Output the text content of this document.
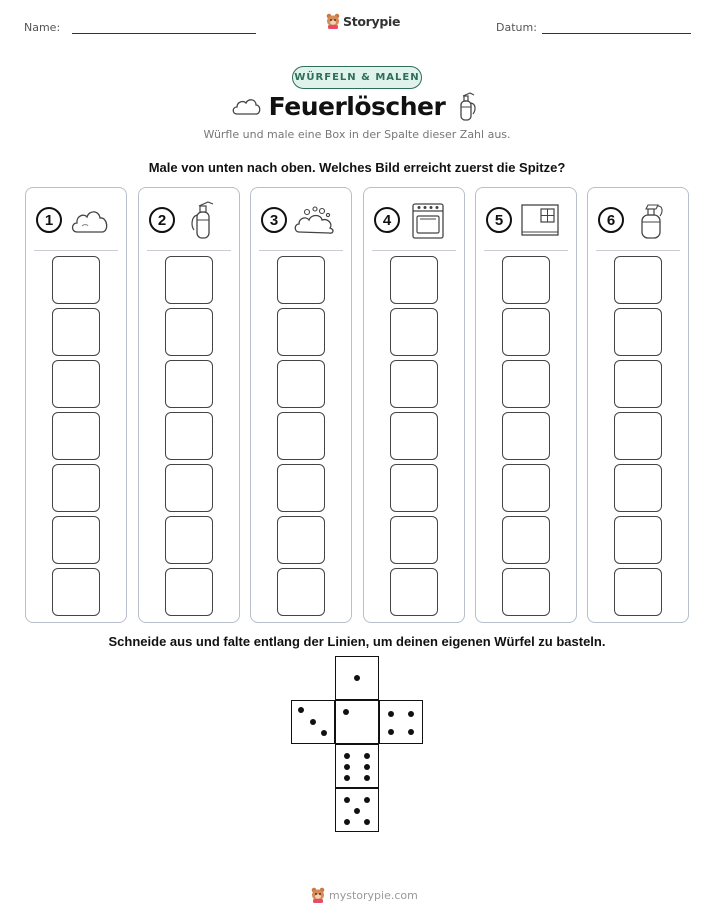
Name:	Storypie	Datum:
WÜRFELN & MALEN
Feuerlöscher
Würfle und male eine Box in der Spalte dieser Zahl aus.
Male von unten nach oben. Welches Bild erreicht zuerst die Spitze?
1	2	3	4	5	6
Schneide aus und falte entlang der Linien, um deinen eigenen Würfel zu basteln.
mystorypie.com
